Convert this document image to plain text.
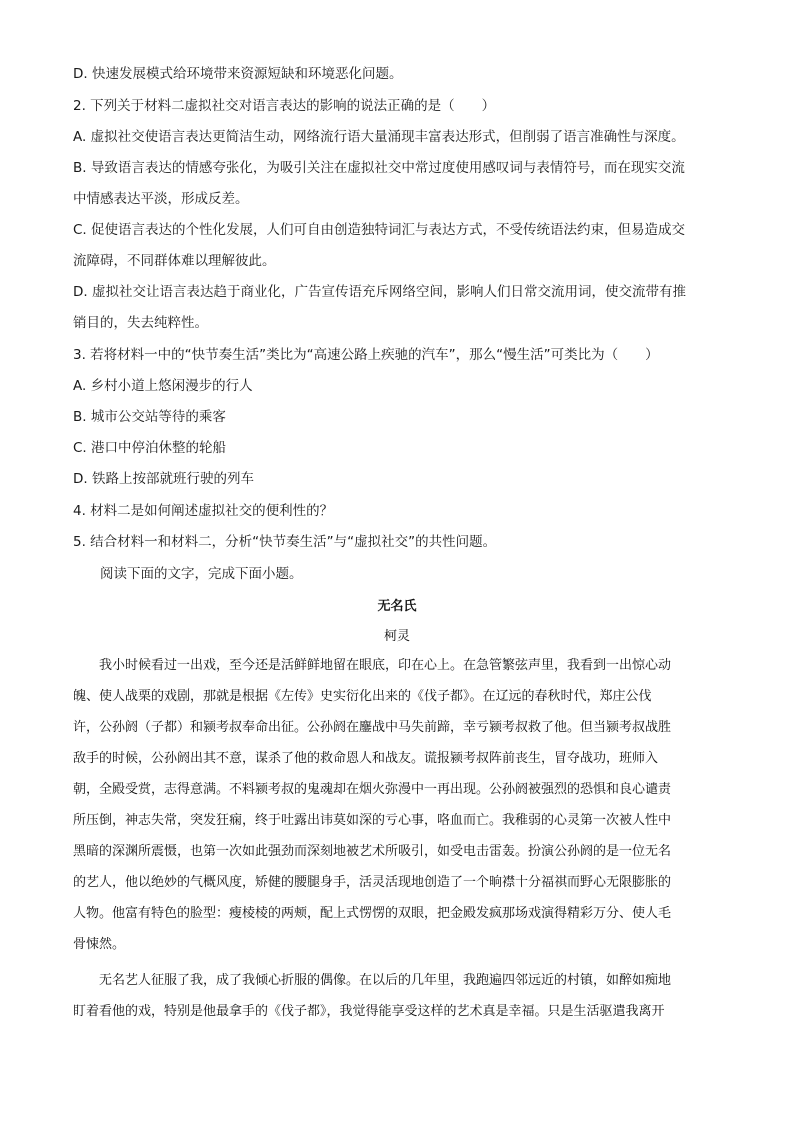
D. 快速发展模式给环境带来资源短缺和环境恶化问题。
2. 下列关于材料二虚拟社交对语言表达的影响的说法正确的是（　　）
A. 虚拟社交使语言表达更简洁生动，网络流行语大量涌现丰富表达形式，但削弱了语言准确性与深度。
B. 导致语言表达的情感夸张化，为吸引关注在虚拟社交中常过度使用感叹词与表情符号，而在现实交流
中情感表达平淡，形成反差。
C. 促使语言表达的个性化发展，人们可自由创造独特词汇与表达方式，不受传统语法约束，但易造成交
流障碍，不同群体难以理解彼此。
D. 虚拟社交让语言表达趋于商业化，广告宣传语充斥网络空间，影响人们日常交流用词，使交流带有推
销目的，失去纯粹性。
3. 若将材料一中的“快节奏生活”类比为“高速公路上疾驰的汽车”，那么“慢生活”可类比为（　　）
A. 乡村小道上悠闲漫步的行人
B. 城市公交站等待的乘客
C. 港口中停泊休整的轮船
D. 铁路上按部就班行驶的列车
4. 材料二是如何阐述虚拟社交的便利性的？
5. 结合材料一和材料二，分析“快节奏生活”与“虚拟社交”的共性问题。
　　阅读下面的文字，完成下面小题。
无名氏
柯灵
　　我小时候看过一出戏，至今还是活鲜鲜地留在眼底，印在心上。在急管繁弦声里，我看到一出惊心动
魄、使人战栗的戏剧，那就是根据《左传》史实衍化出来的《伐子都》。在辽远的春秋时代，郑庄公伐
许，公孙阏（子都）和颍考叔奉命出征。公孙阏在鏖战中马失前蹄，幸亏颍考叔救了他。但当颍考叔战胜
敌手的时候，公孙阏出其不意，谋杀了他的救命恩人和战友。谎报颍考叔阵前丧生，冒夺战功，班师入
朝，全殿受赏，志得意满。不料颍考叔的鬼魂却在烟火弥漫中一再出现。公孙阏被强烈的恐惧和良心谴责
所压倒，神志失常，突发狂痫，终于吐露出讳莫如深的亏心事，咯血而亡。我稚弱的心灵第一次被人性中
黑暗的深渊所震慑，也第一次如此强劲而深刻地被艺术所吸引，如受电击雷轰。扮演公孙阏的是一位无名
的艺人，他以绝妙的气概风度，矫健的腰腿身手，活灵活现地创造了一个晌襟十分福祺而野心无限膨胀的
人物。他富有特色的脸型：瘦棱棱的两颊，配上式愣愣的双眼，把金殿发疯那场戏演得精彩万分、使人毛
骨悚然。
　　无名艺人征服了我，成了我倾心折服的偶像。在以后的几年里，我跑遍四邻远近的村镇，如醉如痴地
盯着看他的戏，特别是他最拿手的《伐子都》，我觉得能享受这样的艺术真是幸福。只是生活驱遣我离开
